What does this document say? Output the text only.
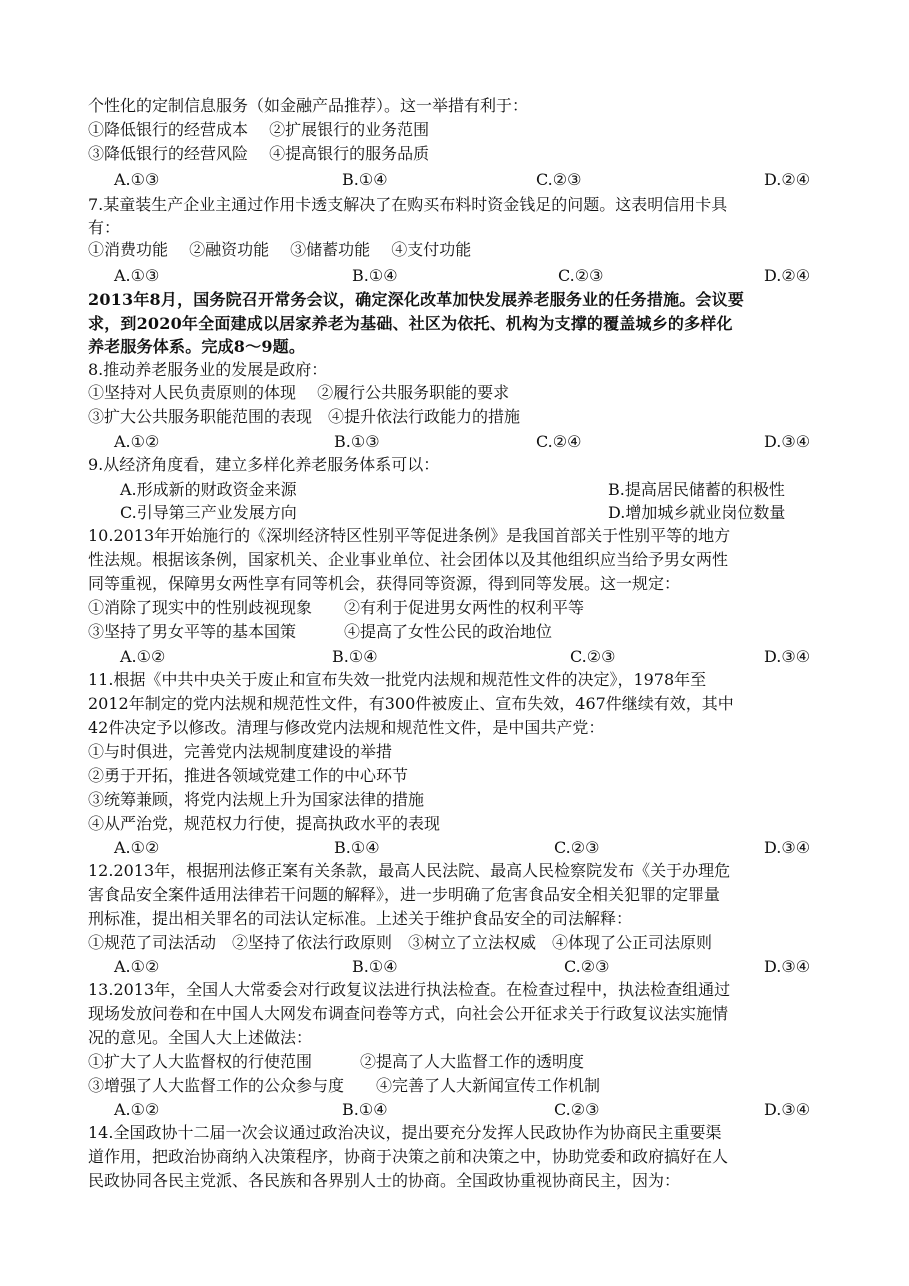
个性化的定制信息服务（如金融产品推荐）。这一举措有利于：
①降低银行的经营成本　 ②扩展银行的业务范围
③降低银行的经营风险　 ④提高银行的服务品质
A.①③	B.①④	C.②③	D.②④
7.某童装生产企业主通过作用卡透支解决了在购买布料时资金钱足的问题。这表明信用卡具
有：
①消费功能　 ②融资功能　 ③储蓄功能　 ④支付功能
A.①③	B.①④	C.②③	D.②④
2013年8月，国务院召开常务会议，确定深化改革加快发展养老服务业的任务措施。会议要
求，到2020年全面建成以居家养老为基础、社区为依托、机构为支撑的覆盖城乡的多样化
养老服务体系。完成8～9题。
8.推动养老服务业的发展是政府：
①坚持对人民负责原则的体现　 ②履行公共服务职能的要求
③扩大公共服务职能范围的表现　④提升依法行政能力的措施
A.①②	B.①③	C.②④	D.③④
9.从经济角度看，建立多样化养老服务体系可以：
A.形成新的财政资金来源	B.提高居民储蓄的积极性
C.引导第三产业发展方向	D.增加城乡就业岗位数量
10.2013年开始施行的《深圳经济特区性别平等促进条例》是我国首部关于性别平等的地方
性法规。根据该条例，国家机关、企业事业单位、社会团体以及其他组织应当给予男女两性
同等重视，保障男女两性享有同等机会，获得同等资源，得到同等发展。这一规定：
①消除了现实中的性别歧视现象　　②有利于促进男女两性的权利平等
③坚持了男女平等的基本国策　　　④提高了女性公民的政治地位
A.①②	B.①④	C.②③	D.③④
11.根据《中共中央关于废止和宣布失效一批党内法规和规范性文件的决定》，1978年至
2012年制定的党内法规和规范性文件，有300件被废止、宣布失效，467件继续有效，其中
42件决定予以修改。清理与修改党内法规和规范性文件，是中国共产党：
①与时俱进，完善党内法规制度建设的举措
②勇于开拓，推进各领域党建工作的中心环节
③统筹兼顾，将党内法规上升为国家法律的措施
④从严治党，规范权力行使，提高执政水平的表现
A.①②	B.①④	C.②③	D.③④
12.2013年，根据刑法修正案有关条款，最高人民法院、最高人民检察院发布《关于办理危
害食品安全案件适用法律若干问题的解释》，进一步明确了危害食品安全相关犯罪的定罪量
刑标准，提出相关罪名的司法认定标准。上述关于维护食品安全的司法解释：
①规范了司法活动　②坚持了依法行政原则　③树立了立法权威　④体现了公正司法原则
A.①②	B.①④	C.②③	D.③④
13.2013年，全国人大常委会对行政复议法进行执法检查。在检查过程中，执法检查组通过
现场发放问卷和在中国人大网发布调查问卷等方式，向社会公开征求关于行政复议法实施情
况的意见。全国人大上述做法：
①扩大了人大监督权的行使范围　　　②提高了人大监督工作的透明度
③增强了人大监督工作的公众参与度　　④完善了人大新闻宣传工作机制
A.①②	B.①④	C.②③	D.③④
14.全国政协十二届一次会议通过政治决议，提出要充分发挥人民政协作为协商民主重要渠
道作用，把政治协商纳入决策程序，协商于决策之前和决策之中，协助党委和政府搞好在人
民政协同各民主党派、各民族和各界别人士的协商。全国政协重视协商民主，因为：
